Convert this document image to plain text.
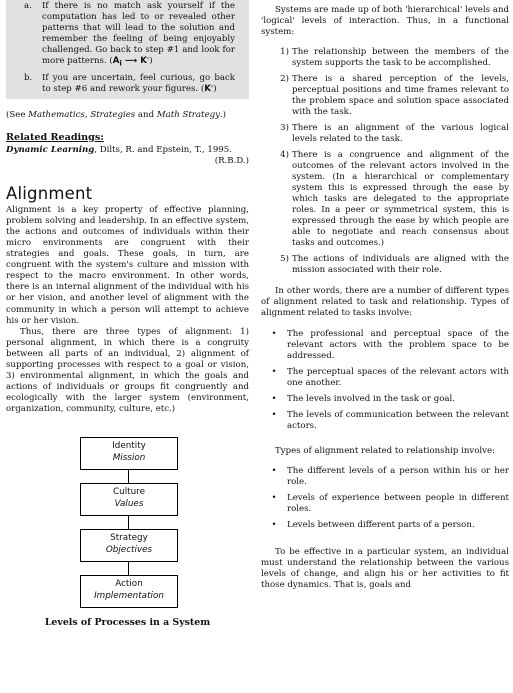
a.	If there is no match ask yourself if the computation has led to or revealed other patterns that will lead to the solution and remember the feeling of being enjoyably challenged. Go back to step #1 and look for more patterns. ($A_i$ ⟶ K')
b.	If you are uncertain, feel curious, go back to step #6 and rework your figures. (K')
(See Mathematics, Strategies and Math Strategy.)
Related Readings:
Dynamic Learning, Dilts, R. and Epstein, T., 1995.
(R.B.D.)
Alignment

Alignment is a key property of effective planning, problem solving and leadership. In an effective system, the actions and outcomes of individuals within their micro environments are congruent with their strategies and goals. These goals, in turn, are congruent with the system's culture and mission with respect to the macro environment. In other words, there is an internal alignment of the individual with his or her vision, and another level of alignment with the community in which a person will attempt to achieve his or her vision.

Thus, there are three types of alignment: 1) personal alignment, in which there is a congruity between all parts of an individual, 2) alignment of supporting processes with respect to a goal or vision, 3) environmental alignment, in which the goals and actions of individuals or groups fit congruently and ecologically with the larger system (environment, organization, community, culture, etc.)

Identity
Mission
Culture
Values
Strategy
Objectives
Action
Implementation
Levels of Processes in a System

Systems are made up of both 'hierarchical' levels and 'logical' levels of interaction. Thus, in a functional system:

1) The relationship between the members of the system supports the task to be accomplished.
2) There is a shared perception of the levels, perceptual positions and time frames relevant to the problem space and solution space associated with the task.
3) There is an alignment of the various logical levels related to the task.
4) There is a congruence and alignment of the outcomes of the relevant actors involved in the system. (In a hierarchical or complementary system this is expressed through the ease by which tasks are delegated to the appropriate roles. In a peer or symmetrical system, this is expressed through the ease by which people are able to negotiate and reach consensus about tasks and outcomes.)
5) The actions of individuals are aligned with the mission associated with their role.

In other words, there are a number of different types of alignment related to task and relationship. Types of alignment related to tasks involve:

•	The professional and perceptual space of the relevant actors with the problem space to be addressed.
•	The perceptual spaces of the relevant actors with one another.
•	The levels involved in the task or goal.
•	The levels of communication between the relevant actors.

Types of alignment related to relationship involve:

•	The different levels of a person within his or her role.
•	Levels of experience between people in different roles.
•	Levels between different parts of a person.

To be effective in a particular system, an individual must understand the relationship between the various levels of change, and align his or her activities to fit those dynamics. That is, goals and
